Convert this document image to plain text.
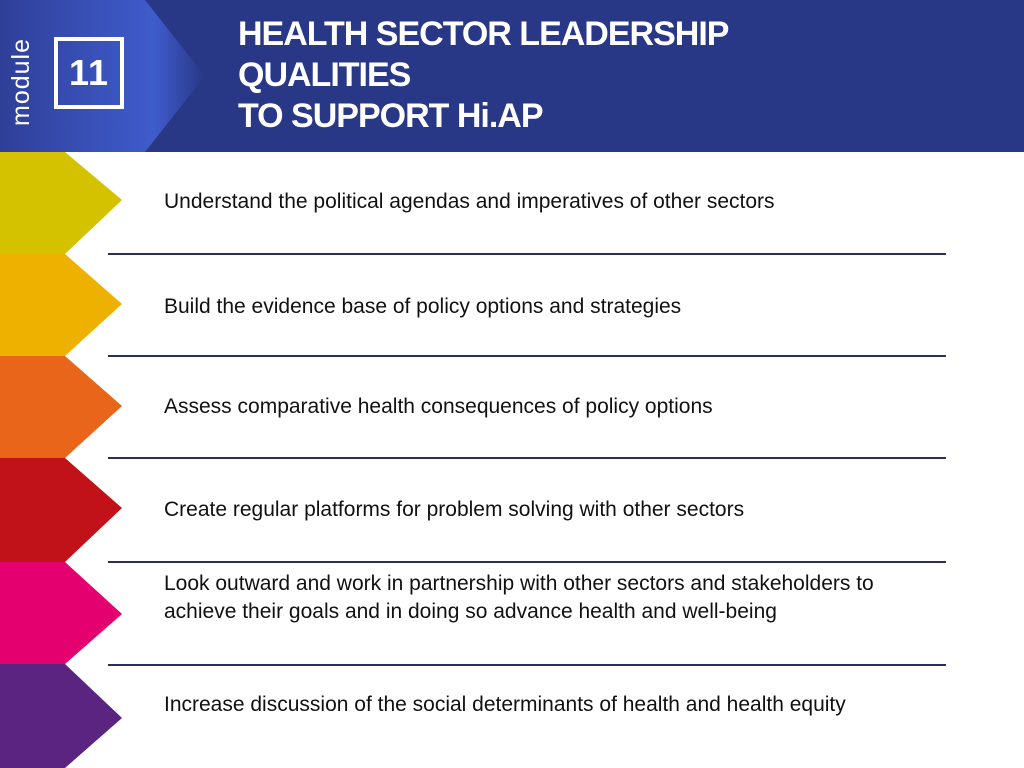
module 11
HEALTH SECTOR LEADERSHIP
QUALITIES
TO SUPPORT Hi.AP
Understand the political agendas and imperatives of other sectors
Build the evidence base of policy options and strategies
Assess comparative health consequences of policy options
Create regular platforms for problem solving with other sectors
Look outward and work in partnership with other sectors and stakeholders to achieve their goals and in doing so advance health and well-being
Increase discussion of the social determinants of health and health equity
